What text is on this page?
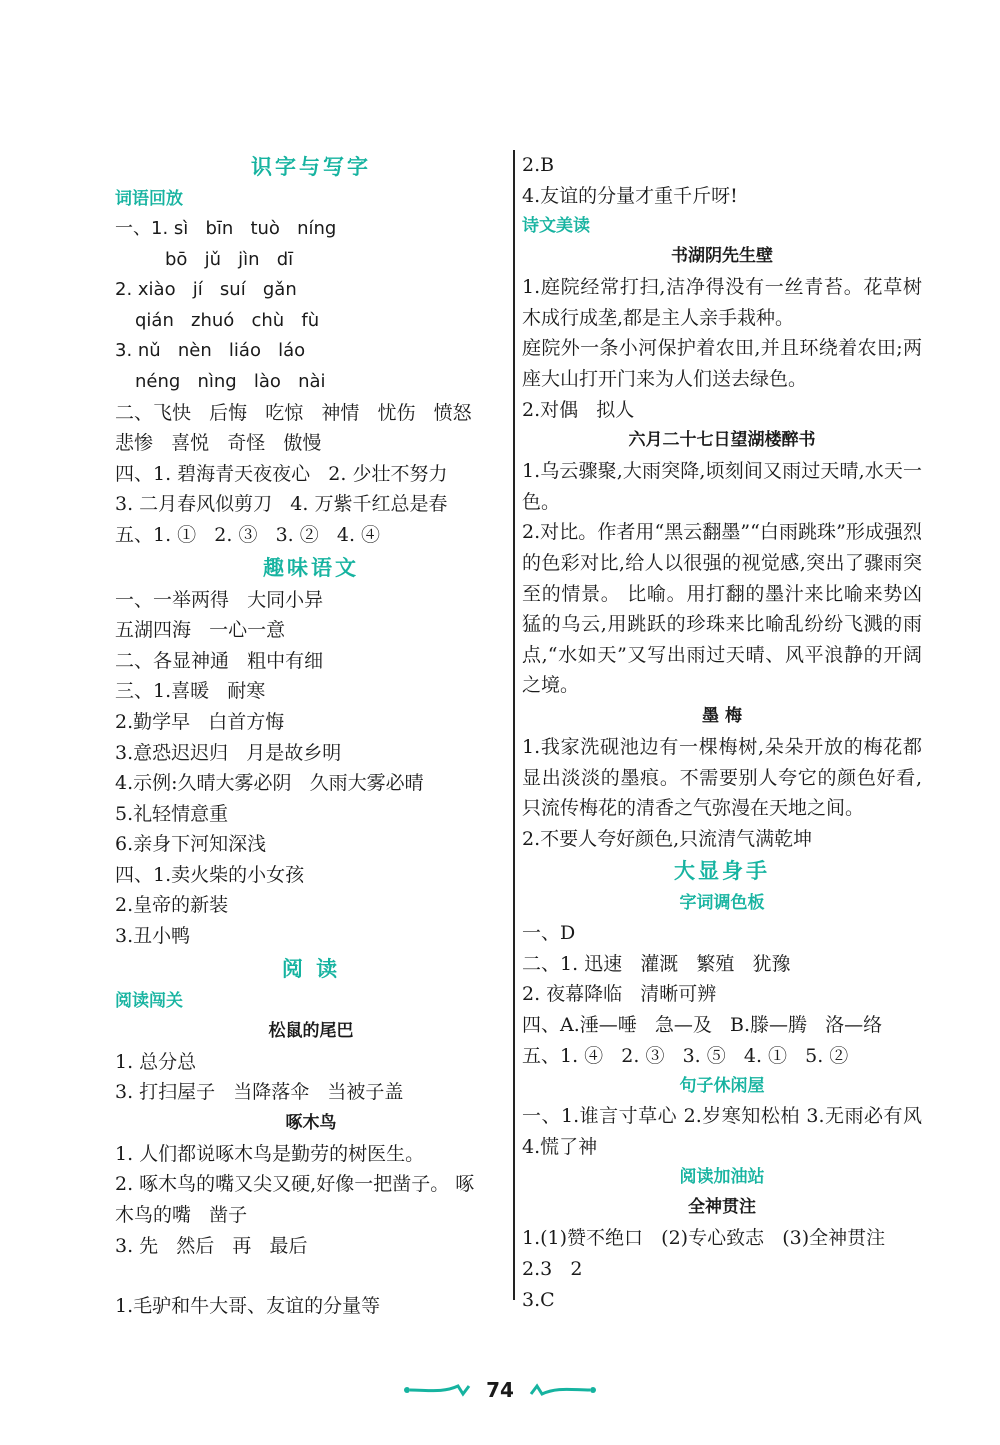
识字与写字
词语回放
一、1. sì   bīn   tuò   níng
bō   jǔ   jìn   dī
2. xiào   jí   suí   gǎn
qián   zhuó   chù   fù
3. nǔ   nèn   liáo   láo
néng   nìng   lào   nài
二、飞快   后悔   吃惊   神情   忧伤   愤怒
悲惨   喜悦   奇怪   傲慢
四、1. 碧海青天夜夜心   2. 少壮不努力
3. 二月春风似剪刀   4. 万紫千红总是春
五、1. ①   2. ③   3. ②   4. ④
趣味语文
一、一举两得   大同小异
五湖四海   一心一意
二、各显神通   粗中有细
三、1.喜暖   耐寒
2.勤学早   白首方悔
3.意恐迟迟归   月是故乡明
4.示例:久晴大雾必阴   久雨大雾必晴
5.礼轻情意重
6.亲身下河知深浅
四、1.卖火柴的小女孩
2.皇帝的新装
3.丑小鸭
阅 读
阅读闯关
松鼠的尾巴
1. 总分总
3. 打扫屋子   当降落伞   当被子盖
啄木鸟
1. 人们都说啄木鸟是勤劳的树医生。
2. 啄木鸟的嘴又尖又硬,好像一把凿子。 啄
木鸟的嘴   凿子
3. 先   然后   再   最后
1.毛驴和牛大哥、友谊的分量等
2.B
4.友谊的分量才重千斤呀!
诗文美读
书湖阴先生壁
1.庭院经常打扫,洁净得没有一丝青苔。花草树木成行成垄,都是主人亲手栽种。
庭院外一条小河保护着农田,并且环绕着农田;两座大山打开门来为人们送去绿色。
2.对偶   拟人
六月二十七日望湖楼醉书
1.乌云骤聚,大雨突降,顷刻间又雨过天晴,水天一色。
2.对比。作者用“黑云翻墨”“白雨跳珠”形成强烈的色彩对比,给人以很强的视觉感,突出了骤雨突至的情景。 比喻。用打翻的墨汁来比喻来势凶猛的乌云,用跳跃的珍珠来比喻乱纷纷飞溅的雨点,“水如天”又写出雨过天晴、风平浪静的开阔之境。
墨 梅
1.我家洗砚池边有一棵梅树,朵朵开放的梅花都显出淡淡的墨痕。不需要别人夸它的颜色好看,只流传梅花的清香之气弥漫在天地之间。
2.不要人夸好颜色,只流清气满乾坤
大显身手
字词调色板
一、D
二、1. 迅速   灌溉   繁殖   犹豫
2. 夜幕降临   清晰可辨
四、A.涶—唾   急—及   B.滕—腾   洛—络
五、1. ④   2. ③   3. ⑤   4. ①   5. ②
句子休闲屋
一、1.谁言寸草心 2.岁寒知松柏 3.无雨必有风 4.慌了神
阅读加油站
全神贯注
1.(1)赞不绝口   (2)专心致志   (3)全神贯注
2.3   2
3.C
74
